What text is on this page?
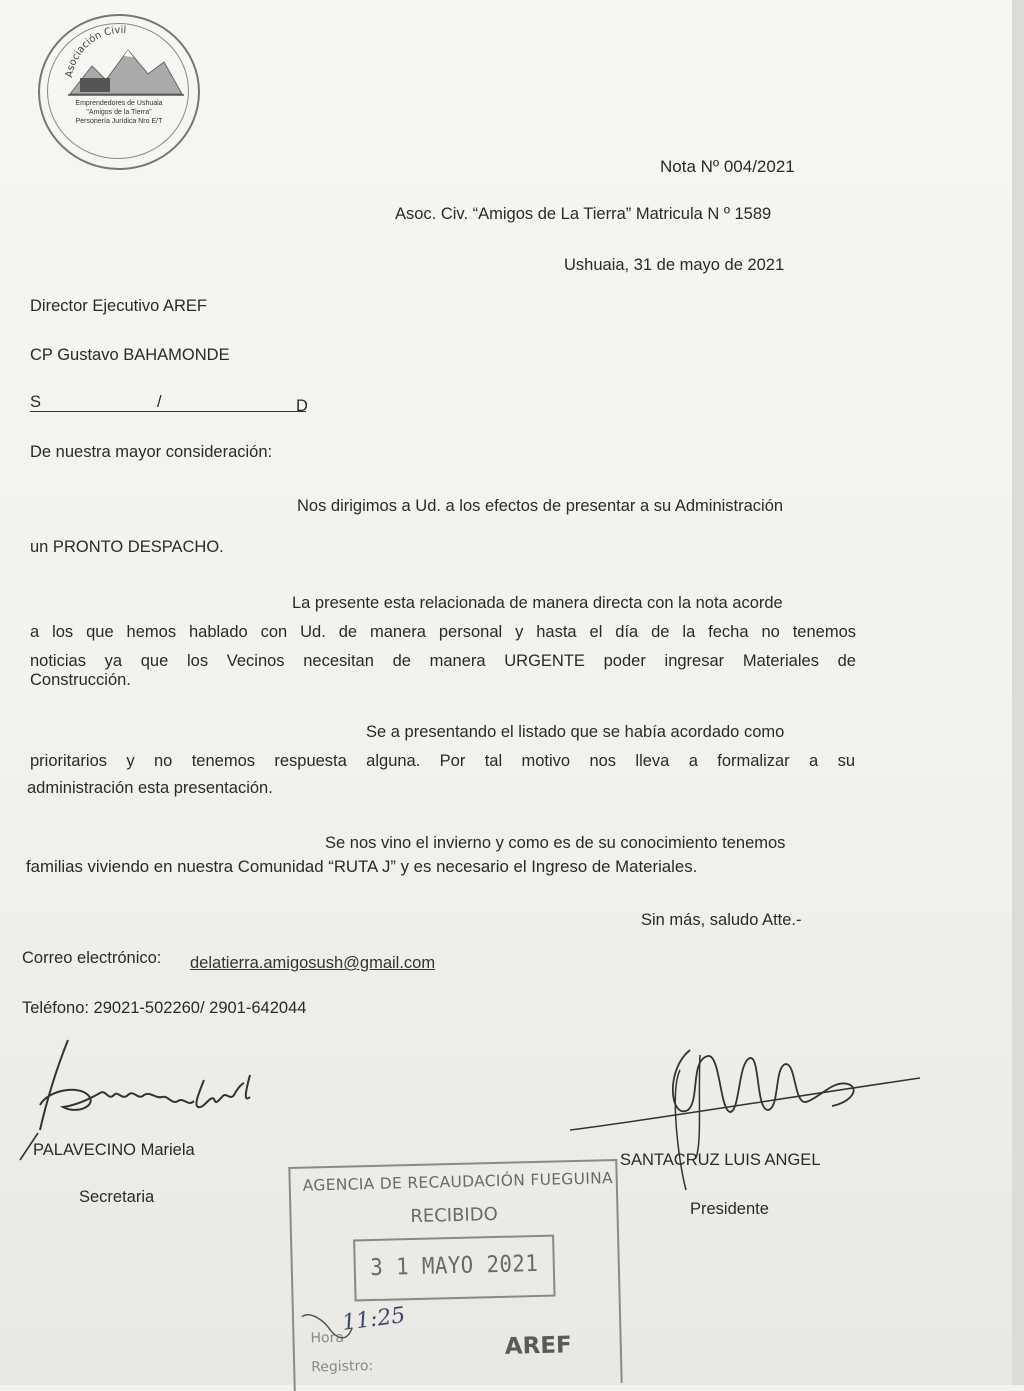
Asociación Civil
Emprendedores de Ushuaia
"Amigos de la Tierra"
Personería Jurídica Nro E/T
Nota Nº 004/2021
Asoc. Civ. “Amigos de La Tierra” Matricula N º 1589
Ushuaia, 31 de mayo de 2021
Director Ejecutivo AREF
CP Gustavo BAHAMONDE
S	/	D
De nuestra mayor consideración:
Nos dirigimos a Ud. a los efectos de presentar a su Administración
un PRONTO DESPACHO.
La presente esta relacionada de manera directa con la nota acorde
a los que hemos hablado con Ud. de manera personal y hasta el día de la fecha no tenemos
noticias ya que los Vecinos necesitan de manera URGENTE poder ingresar Materiales de
Construcción.
Se a presentando el listado que se había acordado como
prioritarios y no tenemos respuesta alguna. Por tal motivo nos lleva a formalizar a su
administración esta presentación.
Se nos vino el invierno y como es de su conocimiento tenemos
familias viviendo en nuestra Comunidad “RUTA J” y es necesario el Ingreso de Materiales.
Sin más, saludo Atte.-
Correo electrónico: delatierra.amigosush@gmail.com
Teléfono: 29021-502260/ 2901-642044
PALAVECINO Mariela
Secretaria
SANTACRUZ LUIS ANGEL
Presidente
AGENCIA DE RECAUDACIÓN FUEGUINA
RECIBIDO
3 1 MAYO 2021
Hora
11:25
Registro:
AREF
